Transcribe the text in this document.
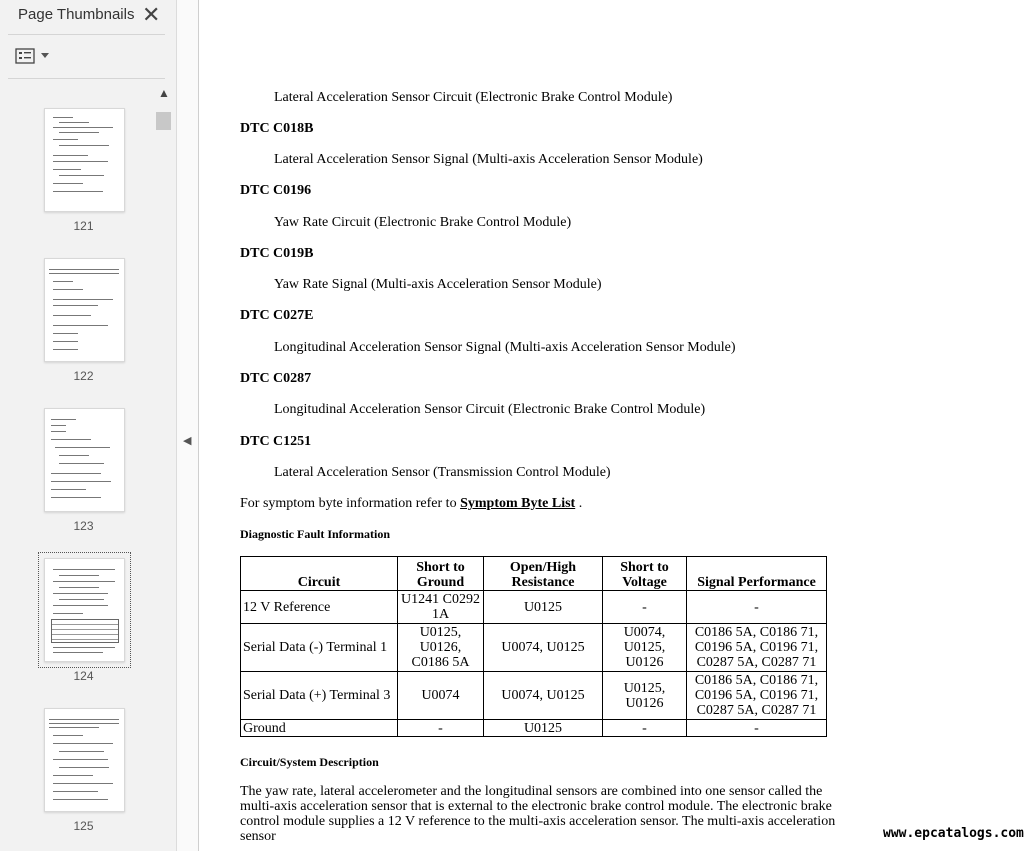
Page Thumbnails ✕
121
122
123
124
125
▲
◀
Lateral Acceleration Sensor Circuit (Electronic Brake Control Module)
DTC C018B
Lateral Acceleration Sensor Signal (Multi-axis Acceleration Sensor Module)
DTC C0196
Yaw Rate Circuit (Electronic Brake Control Module)
DTC C019B
Yaw Rate Signal (Multi-axis Acceleration Sensor Module)
DTC C027E
Longitudinal Acceleration Sensor Signal (Multi-axis Acceleration Sensor Module)
DTC C0287
Longitudinal Acceleration Sensor Circuit (Electronic Brake Control Module)
DTC C1251
Lateral Acceleration Sensor (Transmission Control Module)
For symptom byte information refer to Symptom Byte List .
Diagnostic Fault Information
Circuit	Short to Ground	Open/High Resistance	Short to Voltage	Signal Performance
12 V Reference	U1241 C0292 1A	U0125	-	-
Serial Data (-) Terminal 1	U0125, U0126, C0186 5A	U0074, U0125	U0074, U0125, U0126	C0186 5A, C0186 71, C0196 5A, C0196 71, C0287 5A, C0287 71
Serial Data (+) Terminal 3	U0074	U0074, U0125	U0125, U0126	C0186 5A, C0186 71, C0196 5A, C0196 71, C0287 5A, C0287 71
Ground	-	U0125	-	-
Circuit/System Description
The yaw rate, lateral accelerometer and the longitudinal sensors are combined into one sensor called the multi-axis acceleration sensor that is external to the electronic brake control module. The electronic brake control module supplies a 12 V reference to the multi-axis acceleration sensor. The multi-axis acceleration sensor	www.epcatalogs.com
